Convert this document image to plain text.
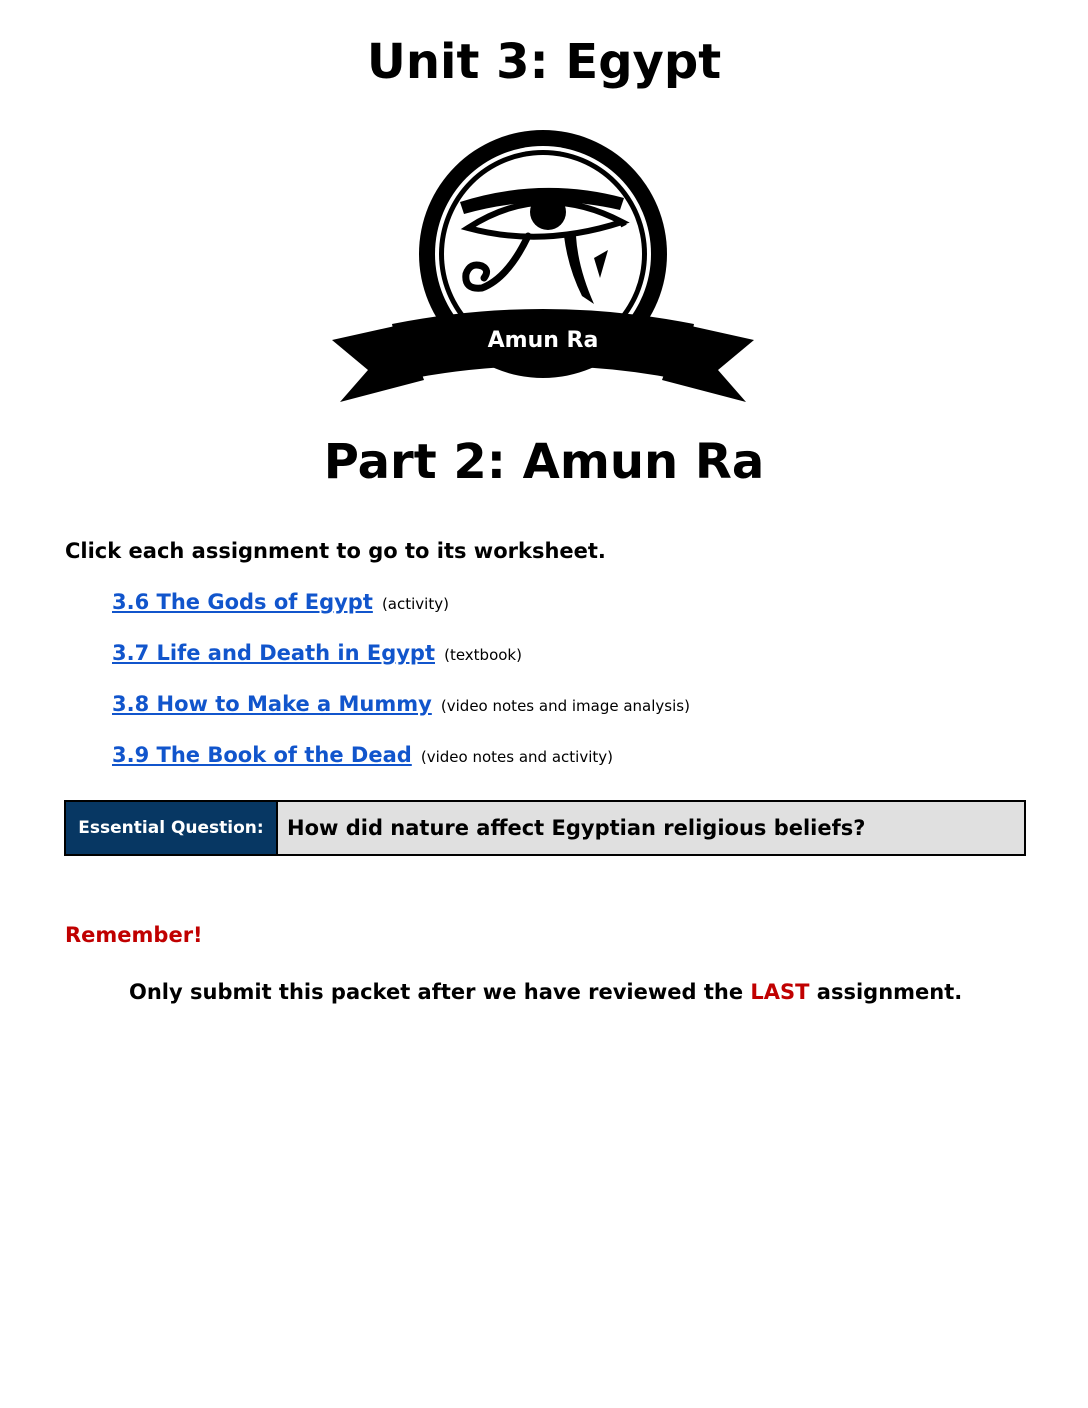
Unit 3: Egypt
Amun Ra
Part 2: Amun Ra

Click each assignment to go to its worksheet.

3.6 The Gods of Egypt (activity)
3.7 Life and Death in Egypt (textbook)
3.8 How to Make a Mummy (video notes and image analysis)
3.9 The Book of the Dead (video notes and activity)
Essential Question:	How did nature affect Egyptian religious beliefs?

Remember!

Only submit this packet after we have reviewed the LAST assignment.
